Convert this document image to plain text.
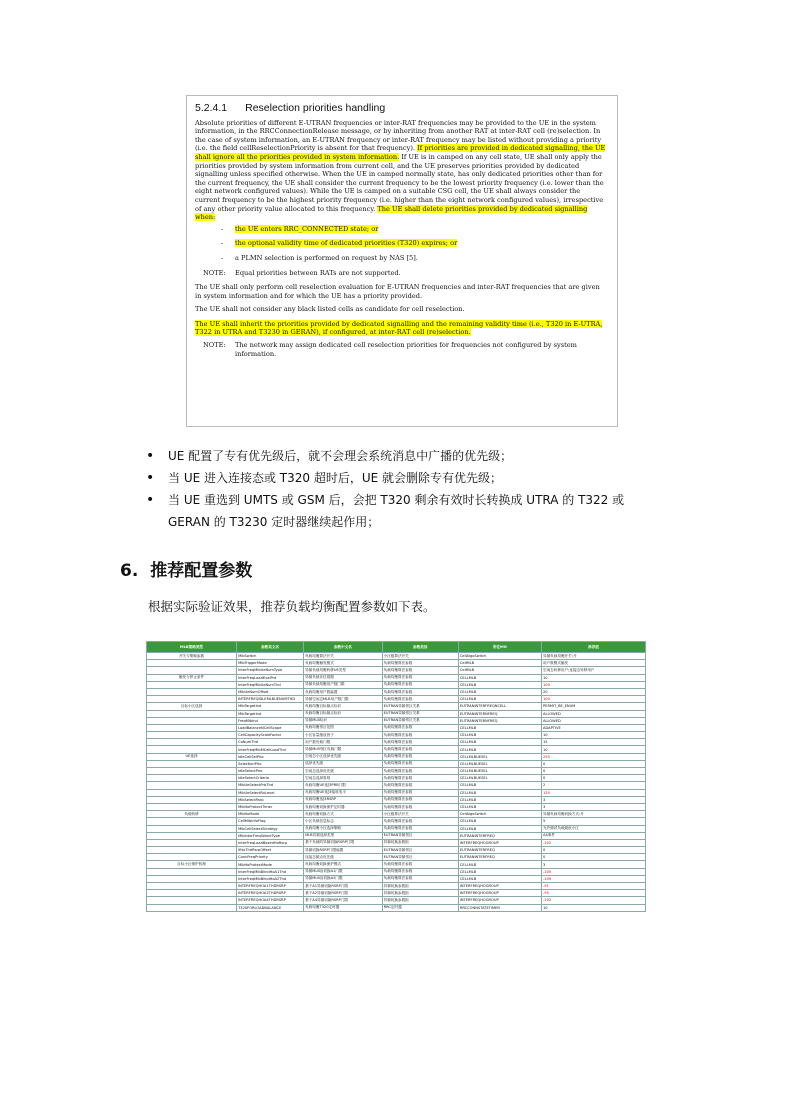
5.2.4.1 Reselection priorities handling
Absolute priorities of different E-UTRAN frequencies or inter-RAT frequencies may be provided to the UE in the system information, in the RRCConnectionRelease message, or by inheriting from another RAT at inter-RAT cell (re)selection. In the case of system information, an E-UTRAN frequency or inter-RAT frequency may be listed without providing a priority (i.e. the field cellReselectionPriority is absent for that frequency). If priorities are provided in dedicated signalling, the UE shall ignore all the priorities provided in system information. If UE is in camped on any cell state, UE shall only apply the priorities provided by system information from current cell, and the UE preserves priorities provided by dedicated signalling unless specified otherwise. When the UE in camped normally state, has only dedicated priorities other than for the current frequency, the UE shall consider the current frequency to be the lowest priority frequency (i.e. lower than the eight network configured values). While the UE is camped on a suitable CSG cell, the UE shall always consider the current frequency to be the highest priority frequency (i.e. higher than the eight network configured values), irrespective of any other priority value allocated to this frequency. The UE shall delete priorities provided by dedicated signalling when:
- the UE enters RRC_CONNECTED state; or
- the optional validity time of dedicated priorities (T320) expires; or
- a PLMN selection is performed on request by NAS [5].
NOTE: Equal priorities between RATs are not supported.
The UE shall only perform cell reselection evaluation for E-UTRAN frequencies and inter-RAT frequencies that are given in system information and for which the UE has a priority provided.
The UE shall not consider any black listed cells as candidate for cell reselection.
The UE shall inherit the priorities provided by dedicated signalling and the remaining validity time (i.e., T320 in E-UTRA, T322 in UTRA and T3230 in GERAN), if configured, at inter-RAT cell (re)selection.
NOTE: The network may assign dedicated cell reselection priorities for frequencies not configured by system information.
• UE 配置了专有优先级后，就不会理会系统消息中广播的优先级；
• 当 UE 进入连接态或 T320 超时后，UE 就会删除专有优先级；
• 当 UE 重选到 UMTS 或 GSM 后，会把 T320 剩余有效时长转换成 UTRA 的 T322 或 GERAN 的 T3230 定时器继续起作用；
6. 推荐配置参数
根据实际验证效果，推荐负载均衡配置参数如下表。
MLB策略类型	参数英文名	参数中文名	参数类别	所在MO	推荐值
开关与策略参数	MlbSwitch	负载均衡算法开关	小区级算法开关	CellAlgoSwitch	异频负载均衡开关:开
	MlbTriggerMode	负载均衡触发模式	负载均衡算法参数	CellMLB	用户数模式触发
	InterFreqMlbUeNumType	异频负载均衡转移UE类型	负载均衡算法参数	CellMLB	空闲态转移用户;连接态转移用户
触发与停止条件	InterFreqLoadEvalPrd	异频负载评估周期	负载均衡算法参数	CELLMLB	10
	InterFreqMlbUeNumThd	异频负载均衡用户数门限	负载均衡算法参数	CELLMLB	100
	MlbUeNumOffset	负载均衡用户数偏置	负载均衡算法参数	CELLMLB	20
	INTERFREQIDLEMLBUENUMTHD	异频空闲态MLB用户数门限	负载均衡算法参数	CELLMLB	100
目标小区选择	MlbTargetInd	负载均衡目标频点标识	EUTRAN异频邻区关系	EUTRANINTERFREQNCELL	PERMIT_BE_ENUM
	MlbTargetInd	负载均衡目标频点标识	EUTRAN异频邻区关系	EUTRANINTERNFREQ	ALLOWED
	FreqMlbInd	异频MLB标识	EUTRAN异频邻区关系	EUTRANINTERNFREQ	ALLOWED
	LoadBalanceNCellScope	负载均衡邻区范围	负载均衡算法参数	CELLMLB	ADAPTIVE
	CellCapacityScaleFactor	小区容量缩放因子	负载均衡算法参数	CELLMLB	10
	CoNumThd	用户数负载门限	负载均衡算法参数	CELLMLB	15
	InterFreqMlbMCellLoadThd	异频MLB邻区负载门限	负载均衡算法参数	CELLMLB	10
UE选择	IdleCellSelPrio	空闲态小区选择优先级	负载均衡算法参数	CELLMLBUESEL	255
	SelectionPrio	选择优先级	负载均衡算法参数	CELLMLBUESEL	0
	IdleSelectPrio	空闲态选择优先级	负载均衡算法参数	CELLMLBUESEL	0
	IdleSelectCriteria	空闲态选择准则	负载均衡算法参数	CELLMLBUESEL	0
	MlbUeSelectPrbThd	负载均衡UE选择PRB门限	负载均衡算法参数	CELLMLB	2
	MlbUeSelectRxLevel	负载均衡UE选择接收电平	负载均衡算法参数	CELLMLB	120
	MlbSelectRsrp	负载均衡选择RSRP	负载均衡算法参数	CELLMLB	3
	MlbHoProtectTimer	负载均衡切换保护定时器	负载均衡算法参数	CELLMLB	3
负载转移	MlbHoMode	负载均衡切换方式	小区级算法开关	CellAlgoSwitch	异频负载均衡切换方式:开
	CellMlbInfoFlag	小区负载信息标志	负载均衡算法参数	CELLMLB	5
	MlbCellSelectStrategy	负载均衡小区选择策略	负载均衡算法参数	CELLMLB	允许测试负载最低小区
	MlbInterFreqSelectType	MLB异频选择类型	EUTRAN异频邻区	EUTRANINTERFREQ	A4事件
	InterFreqLoadBasedHoRsrp	基于负载的异频切换RSRP门限	异频切换参数组	INTERFREQHOGROUP	-102
	IfHoThdRsrpOffset	异频切换RSRP门限偏置	EUTRAN异频邻区	EUTRANINTERFREQ	0
	ConnFreqPriority	连接态频点优先级	EUTRAN异频邻区	EUTRANINTERFREQ	0
目标小区保护机制	MlbHoProtectMode	负载均衡切换保护模式	负载均衡算法参数	CELLMLB	3
	InterFreqMlbBlindHoA1Thd	异频MLB盲切换A1门限	负载均衡算法参数	CELLMLB	-105
	InterFreqMlbBlindHoA2Thd	异频MLB盲切换A2门限	负载均衡算法参数	CELLMLB	-109
	INTERFREQHOA1THDRSRP	基于A1异频切换RSRP门限	异频切换参数组	INTERFREQHOGROUP	-91
	INTERFREQHOA2THDRSRP	基于A2异频切换RSRP门限	异频切换参数组	INTERFREQHOGROUP	-95
	INTERFREQHOA4THDRSRP	基于A4异频切换RSRP门限	异频切换参数组	INTERFREQHOGROUP	-102
	T320FORLOADBALANCE	负载均衡T320定时器	RRC定时器	RRCCONNSTATETIMER	10
